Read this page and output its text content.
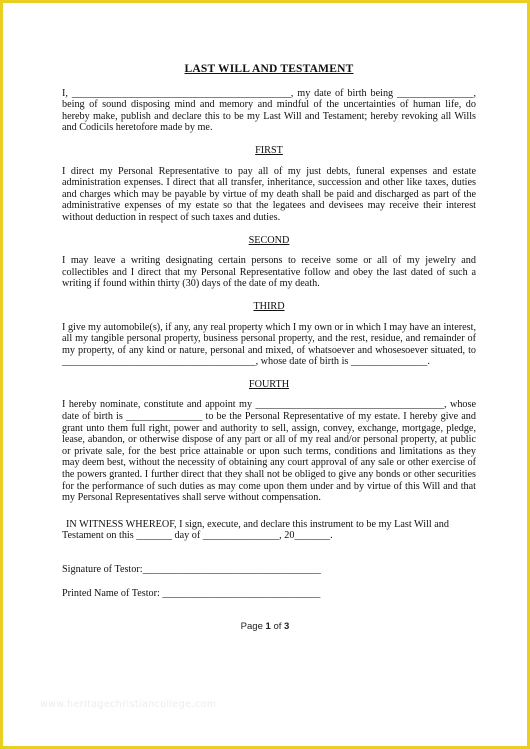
LAST WILL AND TESTAMENT

I, ___________________________________________, my date of birth being _______________, being of sound disposing mind and memory and mindful of the uncertainties of human life, do hereby make, publish and declare this to be my Last Will and Testament; hereby revoking all Wills and Codicils heretofore made by me.

FIRST

I direct my Personal Representative to pay all of my just debts, funeral expenses and estate administration expenses. I direct that all transfer, inheritance, succession and other like taxes, duties and charges which may be payable by virtue of my death shall be paid and discharged as part of the administrative expenses of my estate so that the legatees and devisees may receive their interest without deduction in respect of such taxes and duties.

SECOND

I may leave a writing designating certain persons to receive some or all of my jewelry and collectibles and I direct that my Personal Representative follow and obey the last dated of such a writing if found within thirty (30) days of the date of my death.

THIRD

I give my automobile(s), if any, any real property which I my own or in which I may have an interest, all my tangible personal property, business personal property, and the rest, residue, and remainder of my property, of any kind or nature, personal and mixed, of whatsoever and whosesoever situated, to ______________________________________, whose date of birth is _______________.

FOURTH

I hereby nominate, constitute and appoint my _____________________________________, whose date of birth is _______________ to be the Personal Representative of my estate. I hereby give and grant unto them full right, power and authority to sell, assign, convey, exchange, mortgage, pledge, lease, abandon, or otherwise dispose of any part or all of my real and/or personal property, at public or private sale, for the best price attainable or upon such terms, conditions and limitations as they may deem best, without the necessity of obtaining any court approval of any sale or other exercise of the powers granted. I further direct that they shall not be obliged to give any bonds or other securities for the performance of such duties as may come upon them under and by virtue of this Will and that my Personal Representatives shall serve without compensation.

IN WITNESS WHEREOF, I sign, execute, and declare this instrument to be my Last Will and
Testament on this _______ day of _______________, 20_______.
Signature of Testor:___________________________________
Printed Name of Testor: _______________________________
Page 1 of 3
www.heritagechristiancollege.com
